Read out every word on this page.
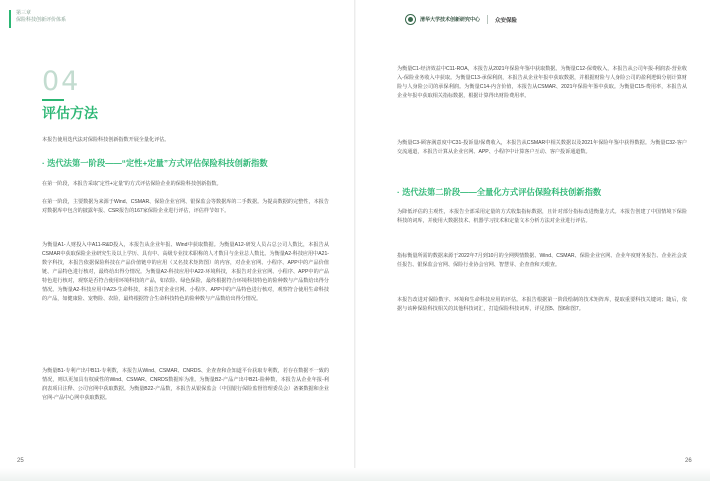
第三章
保险科技创新评价体系
04
评估方法
本报告使用迭代法对保险科技创新指数开展全量化评估。
· 迭代法第一阶段——“定性+定量”方式评估保险科技创新指数
在第一阶段，本报告采取“定性+定量”的方式评估保险企业的保险科技创新指数。
在第一阶段，主要数据为来源于Wind、CSMAR、保险企业官网、银保监会等数据库的二手数据。为提高数据的完整性，本报告对数据库中包含的披露年报、CSR报告的167家保险企业进行评估，评估样节如下。
为衡量A1-人财投入中A11-R&D投入，本报告从企业年报、Wind中获取数据。为衡量A12-研发人员占总公司人数比，本报告从CSMAR中获取保险企业研究生及以上学历、具有中、高级专业技术职称的人才数目与企业总人数比。为衡量A2-科技应用中A21-数字科技，本报告依据保险科技在产品价值链中的应用（又名技术矩阵图）的内容，对企业官网、小程序、APP中的产品价值链、产品特色进行核对，最终给出得分情况。为衡量A2-科技应用中A22-环境科技，本报告对企业官网、小程序、APP中的产品特色进行核对，观察是否符合使用环境科技的产品，如农险、绿色保险，最终根据符合环境科技特色的险种数与产品数给出得分情况。为衡量A2-科技应用中A23-生命科技，本报告对企业官网、小程序、APP中的产品特色进行核对，观察符合使用生命科技的产品，如健康险、宠物险、农险，最终根据符合生命科技特色的险种数与产品数给出得分情况。
为衡量B1-专利产出中B11-专利数，本报告从Wind、CSMAR、CNRDS、企查查和企知道平台获取专利数，若存在数据不一致的情况，则以更加具有权威性的Wind、CSMAR、CNRDS数据库为准。为衡量B2-产品产出中B21-险种数，本报告从企业年报-利润表项目注释、公司官网中获取数据。为衡量B22-产品数，本报告从银保监会（中国银行保险监督管理委员会）备案数据和企业官网-产品中心网中获取数据。
25
清华大学技术创新研究中心	众安保险
为衡量C1-经济效益中C11-ROA，本报告从2021年保险年鉴中获取数据。为衡量C12-保费收入，本报告从公司年报-利润表-营业收入-保险业务收入中获取。为衡量C13-承保利润，本报告从企业年报中获取数据，并根据财险与人身险公司的盈利逻辑分别计算财险与人身险公司的承保利润。为衡量C14-内含价值，本报告从CSMAR、2021年保险年鉴中获取。为衡量C15-费用率，本报告从企业年报中获取相关指标数据，根据计算得出财险费用率。
为衡量C3-顾客满意度中C31-投诉量/保费收入，本报告从CSMAR中相关数据以及2021年保险年鉴中获得数据。为衡量C32-客户交流通道，本报告计算从企业官网、APP、小程序中计算客户互动、客户投诉通道数。
· 迭代法第二阶段——全量化方式评估保险科技创新指数
为降低评估的主观性，本报告全部采用定量的方式收集指标数据，且针对部分指标改进衡量方式。本报告创建了中国情境下保险科技的词库，并使用大数据技术、机器学习技术和定量文本分析方法对企业进行评估。
指标衡量所需的数据来源于2022年7月到10月的全网舆情数据、Wind、CSMAR、保险企业官网、企业年度财务报告、企业社会责任报告、银保监会官网、保险行业协会官网、智慧芽、企查查和天眼查。
本报告改进对保险数字、环境和生命科技应用的评估。本报告根据第一阶段绘制的技术矩阵库，提取重要科技关键词；随后，依据与该种保险科技相关的其他科技词汇，打造保险科技词库，详见图5、图6和图7。
26
